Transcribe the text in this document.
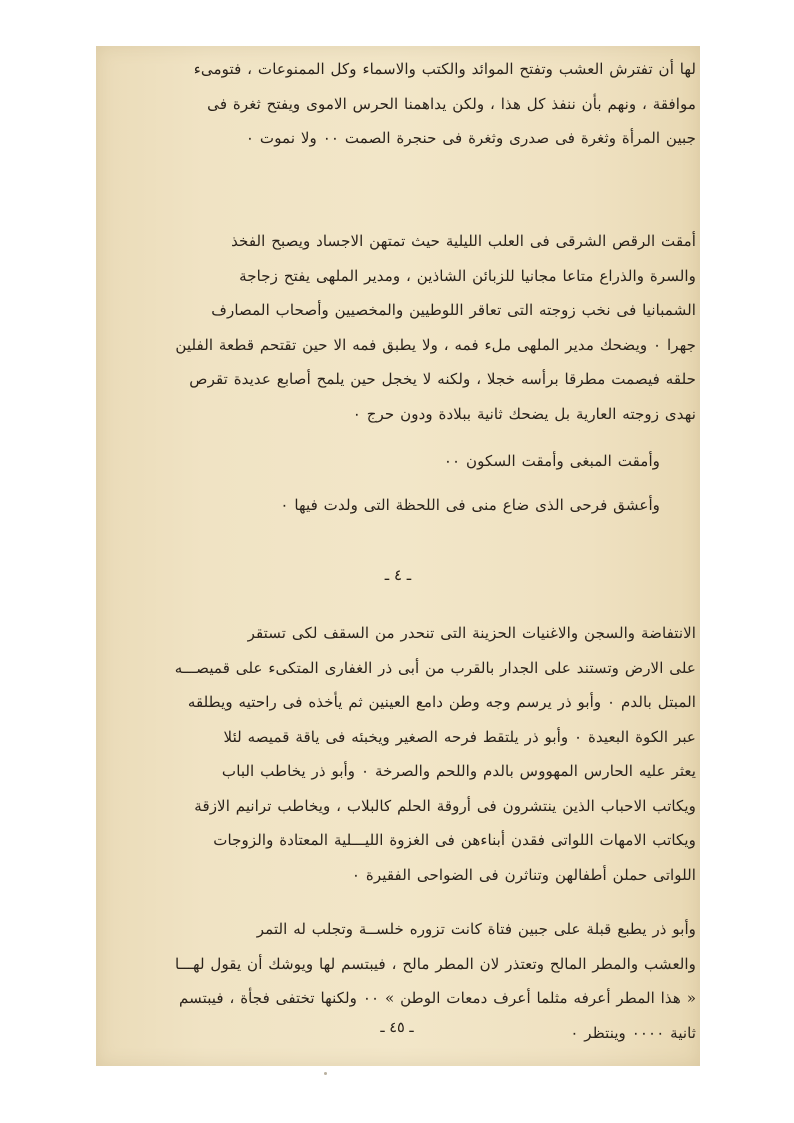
لها أن تفترش العشب وتفتح الموائد والكتب والاسماء وكل الممنوعات ، فتومىء
موافقة ، ونهم بأن ننفذ كل هذا ، ولكن يداهمنا الحرس الاموى ويفتح ثغرة فى
جبين المرأة وثغرة فى صدرى وثغرة فى حنجرة الصمت ٠٠ ولا نموت ٠

أمقت الرقص الشرقى فى العلب الليلية حيث تمتهن الاجساد ويصبح الفخذ
والسرة والذراع متاعا مجانيا للزبائن الشاذين ، ومدير الملهى يفتح زجاجة
الشمبانيا فى نخب زوجته التى تعاقر اللوطيين والمخصيين وأصحاب المصارف
جهرا ٠ ويضحك مدير الملهى ملء فمه ، ولا يطبق فمه الا حين تقتحم قطعة الفلين
حلقه فيصمت مطرقا برأسه خجلا ، ولكنه لا يخجل حين يلمح أصابع عديدة تقرص
نهدى زوجته العارية بل يضحك ثانية ببلادة ودون حرج ٠

وأمقت المبغى وأمقت السكون ٠٠

وأعشق فرحى الذى ضاع منى فى اللحظة التى ولدت فيها ٠

ـ ٤ ـ

الانتفاضة والسجن والاغنيات الحزينة التى تنحدر من السقف لكى تستقر
على الارض وتستند على الجدار بالقرب من أبى ذر الغفارى المتكىء على قميصـــه
المبتل بالدم ٠ وأبو ذر يرسم وجه وطن دامع العينين ثم يأخذه فى راحتيه ويطلقه
عبر الكوة البعيدة ٠ وأبو ذر يلتقط فرحه الصغير ويخبئه فى ياقة قميصه لئلا
يعثر عليه الحارس المهووس بالدم واللحم والصرخة ٠ وأبو ذر يخاطب الباب
ويكاتب الاحباب الذين ينتشرون فى أروقة الحلم كالبلاب ، ويخاطب ترانيم الازقة
ويكاتب الامهات اللواتى فقدن أبناءهن فى الغزوة الليـــلية المعتادة والزوجات
اللواتى حملن أطفالهن وتناثرن فى الضواحى الفقيرة ٠

وأبو ذر يطبع قبلة على جبين فتاة كانت تزوره خلســة وتجلب له التمر
والعشب والمطر المالح وتعتذر لان المطر مالح ، فيبتسم لها ويوشك أن يقول لهـــا
« هذا المطر أعرفه مثلما أعرف دمعات الوطن » ٠٠ ولكنها تختفى فجأة ، فيبتسم
ثانية ٠٠٠٠ وينتظر ٠

ـ ٤٥ ـ
